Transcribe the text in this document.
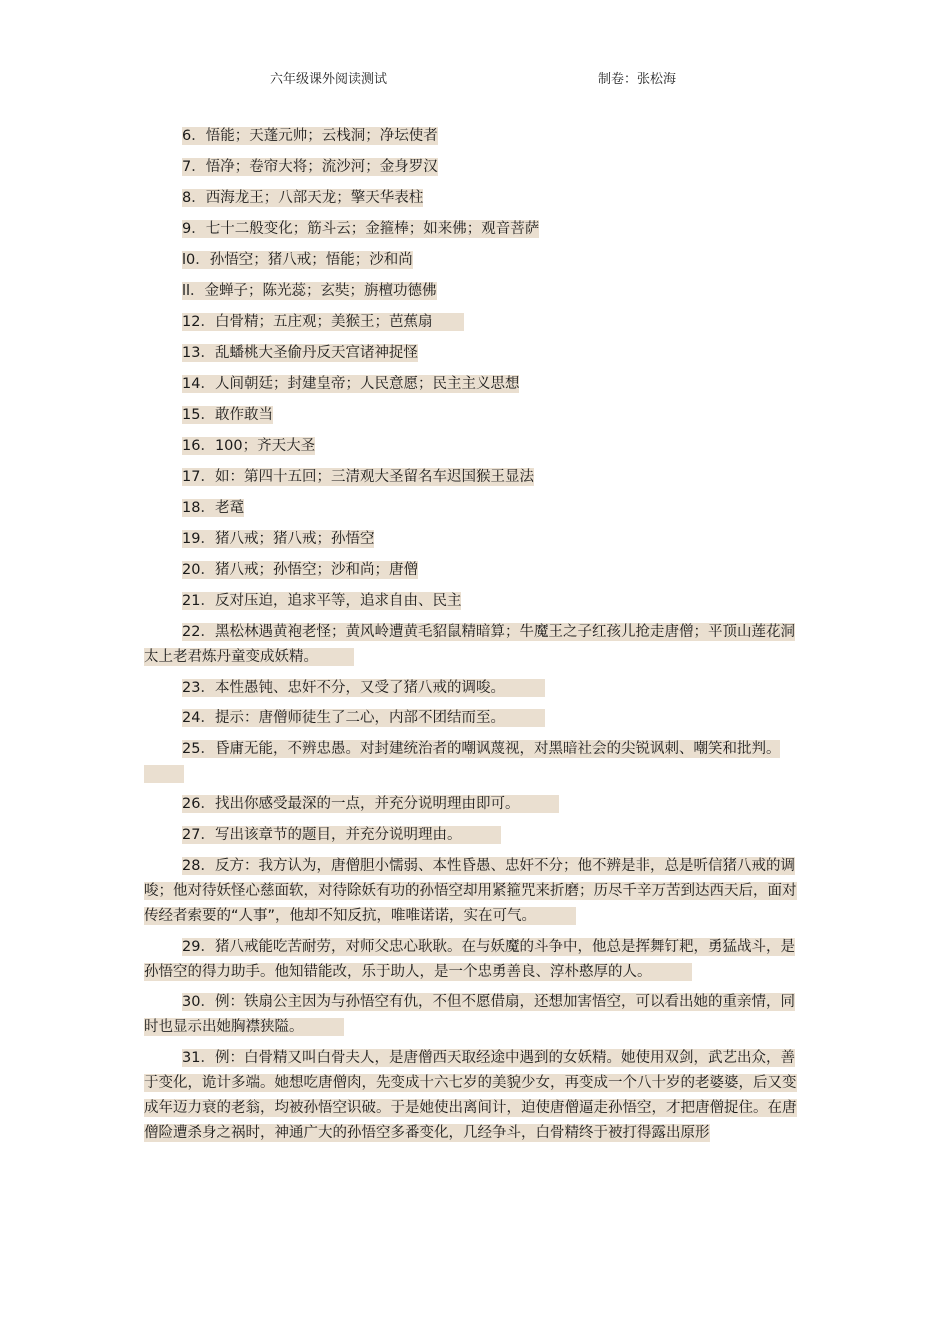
六年级课外阅读测试	制卷：张松海
6．悟能；天蓬元帅；云栈洞；净坛使者
7．悟净；卷帘大将；流沙河；金身罗汉
8．西海龙王；八部天龙；擎天华表柱
9．七十二般变化；筋斗云；金箍棒；如来佛；观音菩萨
l0．孙悟空；猪八戒；悟能；沙和尚
ll．金蝉子；陈光蕊；玄奘；旃檀功德佛
12．白骨精；五庄观；美猴王；芭蕉扇
13．乱蟠桃大圣偷丹反天宫诸神捉怪
14．人间朝廷；封建皇帝；人民意愿；民主主义思想
15．敢作敢当
16．100；齐天大圣
17．如：第四十五回；三清观大圣留名车迟国猴王显法
18．老鼋
19．猪八戒；猪八戒；孙悟空
20．猪八戒；孙悟空；沙和尚；唐僧
21．反对压迫，追求平等，追求自由、民主
22．黑松林遇黄袍老怪；黄风岭遭黄毛貂鼠精暗算；牛魔王之子红孩儿抢走唐僧；平顶山莲花洞太上老君炼丹童变成妖精。
23．本性愚钝、忠奸不分，又受了猪八戒的调唆。
24．提示：唐僧师徒生了二心，内部不团结而至。
25．昏庸无能，不辨忠愚。对封建统治者的嘲讽蔑视，对黑暗社会的尖锐讽刺、嘲笑和批判。
26．找出你感受最深的一点，并充分说明理由即可。
27．写出该章节的题目，并充分说明理由。
28．反方：我方认为，唐僧胆小懦弱、本性昏愚、忠奸不分；他不辨是非，总是听信猪八戒的调唆；他对待妖怪心慈面软，对待除妖有功的孙悟空却用紧箍咒来折磨；历尽千辛万苦到达西天后，面对传经者索要的“人事”，他却不知反抗，唯唯诺诺，实在可气。
29．猪八戒能吃苦耐劳，对师父忠心耿耿。在与妖魔的斗争中，他总是挥舞钉耙，勇猛战斗，是孙悟空的得力助手。他知错能改，乐于助人，是一个忠勇善良、淳朴憨厚的人。
30．例：铁扇公主因为与孙悟空有仇，不但不愿借扇，还想加害悟空，可以看出她的重亲情，同时也显示出她胸襟狭隘。
31．例：白骨精又叫白骨夫人，是唐僧西天取经途中遇到的女妖精。她使用双剑，武艺出众，善于变化，诡计多端。她想吃唐僧肉，先变成十六七岁的美貌少女，再变成一个八十岁的老婆婆，后又变成年迈力衰的老翁，均被孙悟空识破。于是她使出离间计，迫使唐僧逼走孙悟空，才把唐僧捉住。在唐僧险遭杀身之祸时，神通广大的孙悟空多番变化，几经争斗，白骨精终于被打得露出原形
